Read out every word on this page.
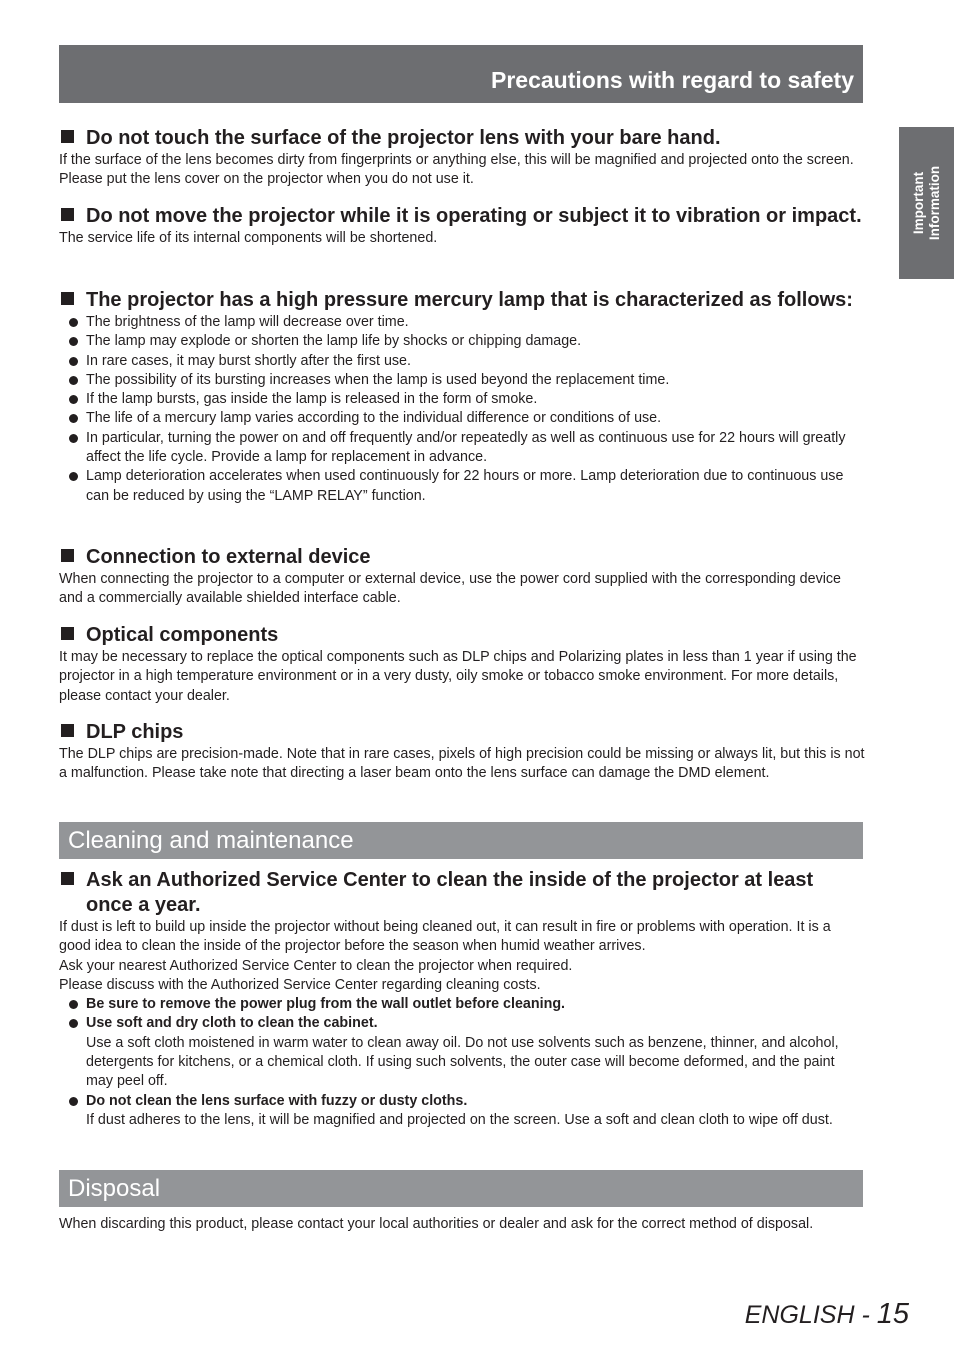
Precautions with regard to safety
Important Information
Do not touch the surface of the projector lens with your bare hand.

If the surface of the lens becomes dirty from fingerprints or anything else, this will be magnified and projected onto the screen. Please put the lens cover on the projector when you do not use it.

Do not move the projector while it is operating or subject it to vibration or impact.

The service life of its internal components will be shortened.

The projector has a high pressure mercury lamp that is characterized as follows:
The brightness of the lamp will decrease over time.
The lamp may explode or shorten the lamp life by shocks or chipping damage.
In rare cases, it may burst shortly after the first use.
The possibility of its bursting increases when the lamp is used beyond the replacement time.
If the lamp bursts, gas inside the lamp is released in the form of smoke.
The life of a mercury lamp varies according to the individual difference or conditions of use.
In particular, turning the power on and off frequently and/or repeatedly as well as continuous use for 22 hours will greatly affect the life cycle. Provide a lamp for replacement in advance.
Lamp deterioration accelerates when used continuously for 22 hours or more. Lamp deterioration due to continuous use can be reduced by using the “LAMP RELAY” function.
Connection to external device

When connecting the projector to a computer or external device, use the power cord supplied with the corresponding device and a commercially available shielded interface cable.

Optical components

It may be necessary to replace the optical components such as DLP chips and Polarizing plates in less than 1 year if using the projector in a high temperature environment or in a very dusty, oily smoke or tobacco smoke environment. For more details, please contact your dealer.

DLP chips

The DLP chips are precision-made. Note that in rare cases, pixels of high precision could be missing or always lit, but this is not a malfunction. Please take note that directing a laser beam onto the lens surface can damage the DMD element.

Cleaning and maintenance
Ask an Authorized Service Center to clean the inside of the projector at least once a year.

If dust is left to build up inside the projector without being cleaned out, it can result in fire or problems with operation. It is a good idea to clean the inside of the projector before the season when humid weather arrives.

Ask your nearest Authorized Service Center to clean the projector when required.

Please discuss with the Authorized Service Center regarding cleaning costs.

Be sure to remove the power plug from the wall outlet before cleaning.
Use soft and dry cloth to clean the cabinet.
Use a soft cloth moistened in warm water to clean away oil. Do not use solvents such as benzene, thinner, and alcohol, detergents for kitchens, or a chemical cloth. If using such solvents, the outer case will become deformed, and the paint may peel off.
Do not clean the lens surface with fuzzy or dusty cloths.
If dust adheres to the lens, it will be magnified and projected on the screen. Use a soft and clean cloth to wipe off dust.
Disposal

When discarding this product, please contact your local authorities or dealer and ask for the correct method of disposal.

ENGLISH - 15
